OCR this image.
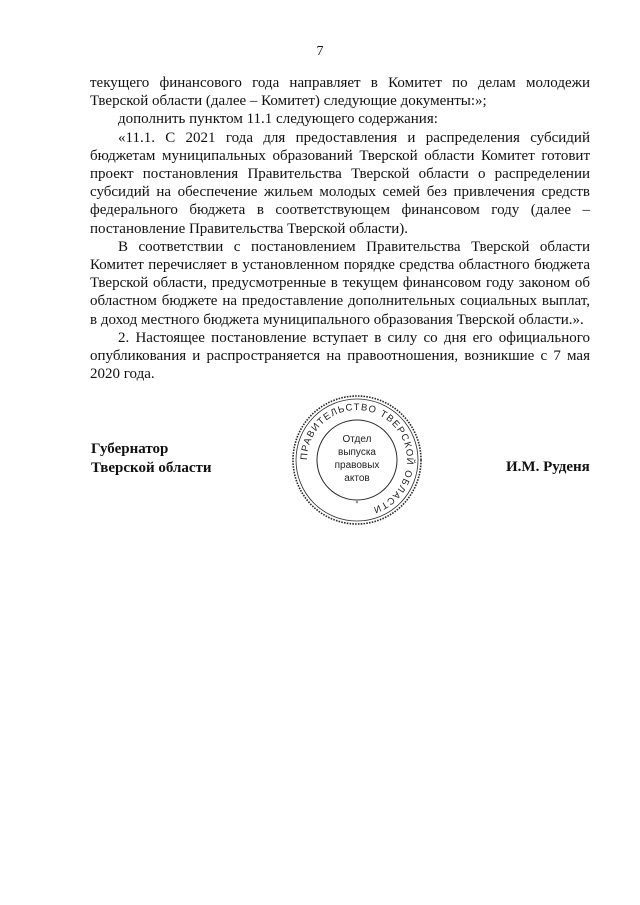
7

текущего финансового года направляет в Комитет по делам молодежи Тверской области (далее – Комитет) следующие документы:»;

дополнить пунктом 11.1 следующего содержания:

«11.1. С 2021 года для предоставления и распределения субсидий бюджетам муниципальных образований Тверской области Комитет готовит проект постановления Правительства Тверской области о распределении субсидий на обеспечение жильем молодых семей без привлечения средств федерального бюджета в соответствующем финансовом году (далее – постановление Правительства Тверской области).

В соответствии с постановлением Правительства Тверской области Комитет перечисляет в установленном порядке средства областного бюджета Тверской области, предусмотренные в текущем финансовом году законом об областном бюджете на предоставление дополнительных социальных выплат, в доход местного бюджета муниципального образования Тверской области.».

2. Настоящее постановление вступает в силу со дня его официального опубликования и распространяется на правоотношения, возникшие с 7 мая 2020 года.

Губернатор
Тверской области
ПРАВИТЕЛЬСТВО ТВЕРСКОЙ ОБЛАСТИ
Отдел
выпуска
правовых
актов
*
И.М. Руденя
